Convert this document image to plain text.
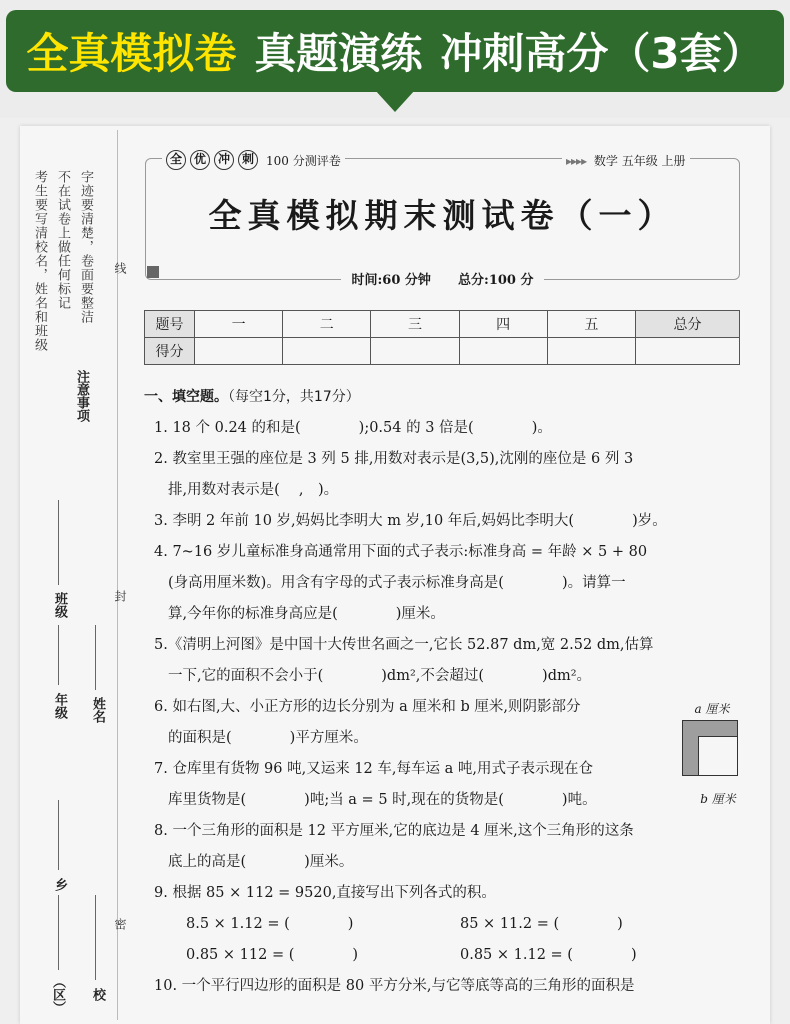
全真模拟卷 真题演练 冲刺高分（3套）
考生要写清校名，姓名和班级 不在试卷上做任何标记 字迹要清楚，卷面要整洁
注意事项
班级
年级 姓名
乡
（区） 校
线
封
密
全 优 冲 刺	100 分测评卷	▸▸▸▸ 数学 五年级 上册
全真模拟期末测试卷（一）
时间:60 分钟 总分:100 分
题号	一	二	三	四	五	总分
得分						
一、填空题。（每空1分，共17分）
1. 18 个 0.24 的和是(　　　　);0.54 的 3 倍是(　　　　)。
2. 教室里王强的座位是 3 列 5 排,用数对表示是(3,5),沈刚的座位是 6 列 3
排,用数对表示是(　 ,　)。
3. 李明 2 年前 10 岁,妈妈比李明大 m 岁,10 年后,妈妈比李明大(　　　　)岁。
4. 7~16 岁儿童标准身高通常用下面的式子表示:标准身高 = 年龄 × 5 + 80
(身高用厘米数)。用含有字母的式子表示标准身高是(　　　　)。请算一
算,今年你的标准身高应是(　　　　)厘米。
5.《清明上河图》是中国十大传世名画之一,它长 52.87 dm,宽 2.52 dm,估算
一下,它的面积不会小于(　　　　)dm²,不会超过(　　　　)dm²。
6. 如右图,大、小正方形的边长分别为 a 厘米和 b 厘米,则阴影部分
的面积是(　　　　)平方厘米。
7. 仓库里有货物 96 吨,又运来 12 车,每车运 a 吨,用式子表示现在仓
库里货物是(　　　　)吨;当 a = 5 时,现在的货物是(　　　　)吨。
8. 一个三角形的面积是 12 平方厘米,它的底边是 4 厘米,这个三角形的这条
底上的高是(　　　　)厘米。
9. 根据 85 × 112 = 9520,直接写出下列各式的积。
8.5 × 1.12 = (　　　　)	85 × 11.2 = (　　　　)
0.85 × 112 = (　　　　)	0.85 × 1.12 = (　　　　)
10. 一个平行四边形的面积是 80 平方分米,与它等底等高的三角形的面积是
a 厘米
b 厘米
